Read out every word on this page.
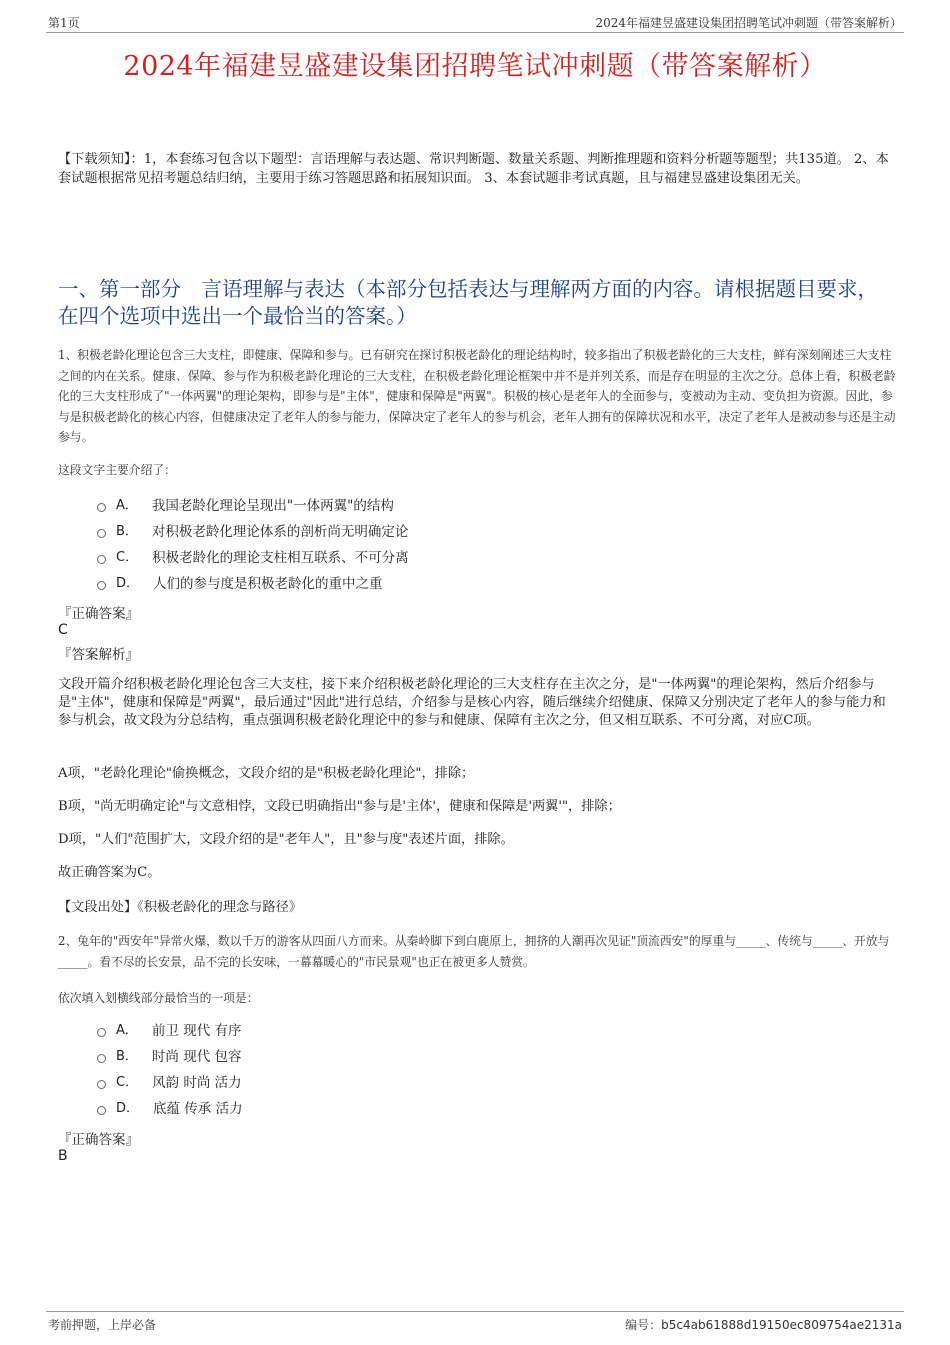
第1页	2024年福建昱盛建设集团招聘笔试冲刺题（带答案解析）
2024年福建昱盛建设集团招聘笔试冲刺题（带答案解析）
【下载须知】：1，本套练习包含以下题型：言语理解与表达题、常识判断题、数量关系题、判断推理题和资料分析题等题型；共135道。 2、本套试题根据常见招考题总结归纳，主要用于练习答题思路和拓展知识面。 3、本套试题非考试真题，且与福建昱盛建设集团无关。
一、第一部分　言语理解与表达（本部分包括表达与理解两方面的内容。请根据题目要求，在四个选项中选出一个最恰当的答案。）
1、积极老龄化理论包含三大支柱，即健康、保障和参与。已有研究在探讨积极老龄化的理论结构时，较多指出了积极老龄化的三大支柱，鲜有深刻阐述三大支柱之间的内在关系。健康、保障、参与作为积极老龄化理论的三大支柱，在积极老龄化理论框架中并不是并列关系，而是存在明显的主次之分。总体上看，积极老龄化的三大支柱形成了"一体两翼"的理论架构，即参与是"主体"，健康和保障是"两翼"。积极的核心是老年人的全面参与，变被动为主动、变负担为资源。因此，参与是积极老龄化的核心内容，但健康决定了老年人的参与能力，保障决定了老年人的参与机会，老年人拥有的保障状况和水平，决定了老年人是被动参与还是主动参与。
这段文字主要介绍了：
A． 我国老龄化理论呈现出"一体两翼"的结构
B． 对积极老龄化理论体系的剖析尚无明确定论
C． 积极老龄化的理论支柱相互联系、不可分离
D． 人们的参与度是积极老龄化的重中之重
『正确答案』
C
『答案解析』
文段开篇介绍积极老龄化理论包含三大支柱，接下来介绍积极老龄化理论的三大支柱存在主次之分，是"一体两翼"的理论架构，然后介绍参与是"主体"，健康和保障是"两翼"，最后通过"因此"进行总结，介绍参与是核心内容，随后继续介绍健康、保障又分别决定了老年人的参与能力和参与机会，故文段为分总结构，重点强调积极老龄化理论中的参与和健康、保障有主次之分，但又相互联系、不可分离，对应C项。
A项，"老龄化理论"偷换概念，文段介绍的是"积极老龄化理论"，排除；
B项，"尚无明确定论"与文意相悖，文段已明确指出"参与是'主体'，健康和保障是'两翼'"，排除；
D项，"人们"范围扩大，文段介绍的是"老年人"，且"参与度"表述片面，排除。
故正确答案为C。
【文段出处】《积极老龄化的理念与路径》
2、兔年的"西安年"异常火爆，数以千万的游客从四面八方而来。从秦岭脚下到白鹿原上，拥挤的人潮再次见证"顶流西安"的厚重与_____、传统与_____、开放与_____。看不尽的长安景，品不完的长安味，一幕幕暖心的"市民景观"也正在被更多人赞赏。
依次填入划横线部分最恰当的一项是：
A． 前卫 现代 有序
B． 时尚 现代 包容
C． 风韵 时尚 活力
D． 底蕴 传承 活力
『正确答案』
B
考前押题，上岸必备	编号：b5c4ab61888d19150ec809754ae2131a
